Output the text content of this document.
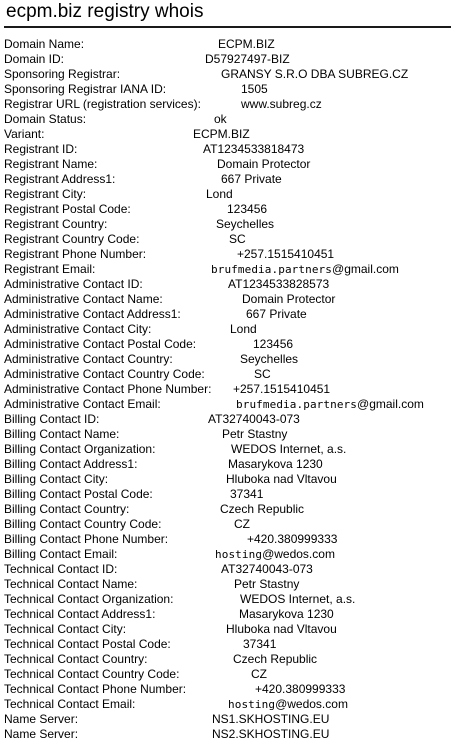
ecpm.biz registry whois
Domain Name:	ECPM.BIZ
Domain ID:	D57927497-BIZ
Sponsoring Registrar:	GRANSY S.R.O DBA SUBREG.CZ
Sponsoring Registrar IANA ID:	1505
Registrar URL (registration services):	www.subreg.cz
Domain Status:	ok
Variant:	ECPM.BIZ
Registrant ID:	AT1234533818473
Registrant Name:	Domain Protector
Registrant Address1:	667 Private
Registrant City:	Lond
Registrant Postal Code:	123456
Registrant Country:	Seychelles
Registrant Country Code:	SC
Registrant Phone Number:	+257.1515410451
Registrant Email:	brufmedia.partners@gmail.com
Administrative Contact ID:	AT1234533828573
Administrative Contact Name:	Domain Protector
Administrative Contact Address1:	667 Private
Administrative Contact City:	Lond
Administrative Contact Postal Code:	123456
Administrative Contact Country:	Seychelles
Administrative Contact Country Code:	SC
Administrative Contact Phone Number: +257.1515410451
Administrative Contact Email:	brufmedia.partners@gmail.com
Billing Contact ID:	AT32740043-073
Billing Contact Name:	Petr Stastny
Billing Contact Organization:	WEDOS Internet, a.s.
Billing Contact Address1:	Masarykova 1230
Billing Contact City:	Hluboka nad Vltavou
Billing Contact Postal Code:	37341
Billing Contact Country:	Czech Republic
Billing Contact Country Code:	CZ
Billing Contact Phone Number:	+420.380999333
Billing Contact Email:	hosting@wedos.com
Technical Contact ID:	AT32740043-073
Technical Contact Name:	Petr Stastny
Technical Contact Organization:	WEDOS Internet, a.s.
Technical Contact Address1:	Masarykova 1230
Technical Contact City:	Hluboka nad Vltavou
Technical Contact Postal Code:	37341
Technical Contact Country:	Czech Republic
Technical Contact Country Code:	CZ
Technical Contact Phone Number:	+420.380999333
Technical Contact Email:	hosting@wedos.com
Name Server:	NS1.SKHOSTING.EU
Name Server:	NS2.SKHOSTING.EU
